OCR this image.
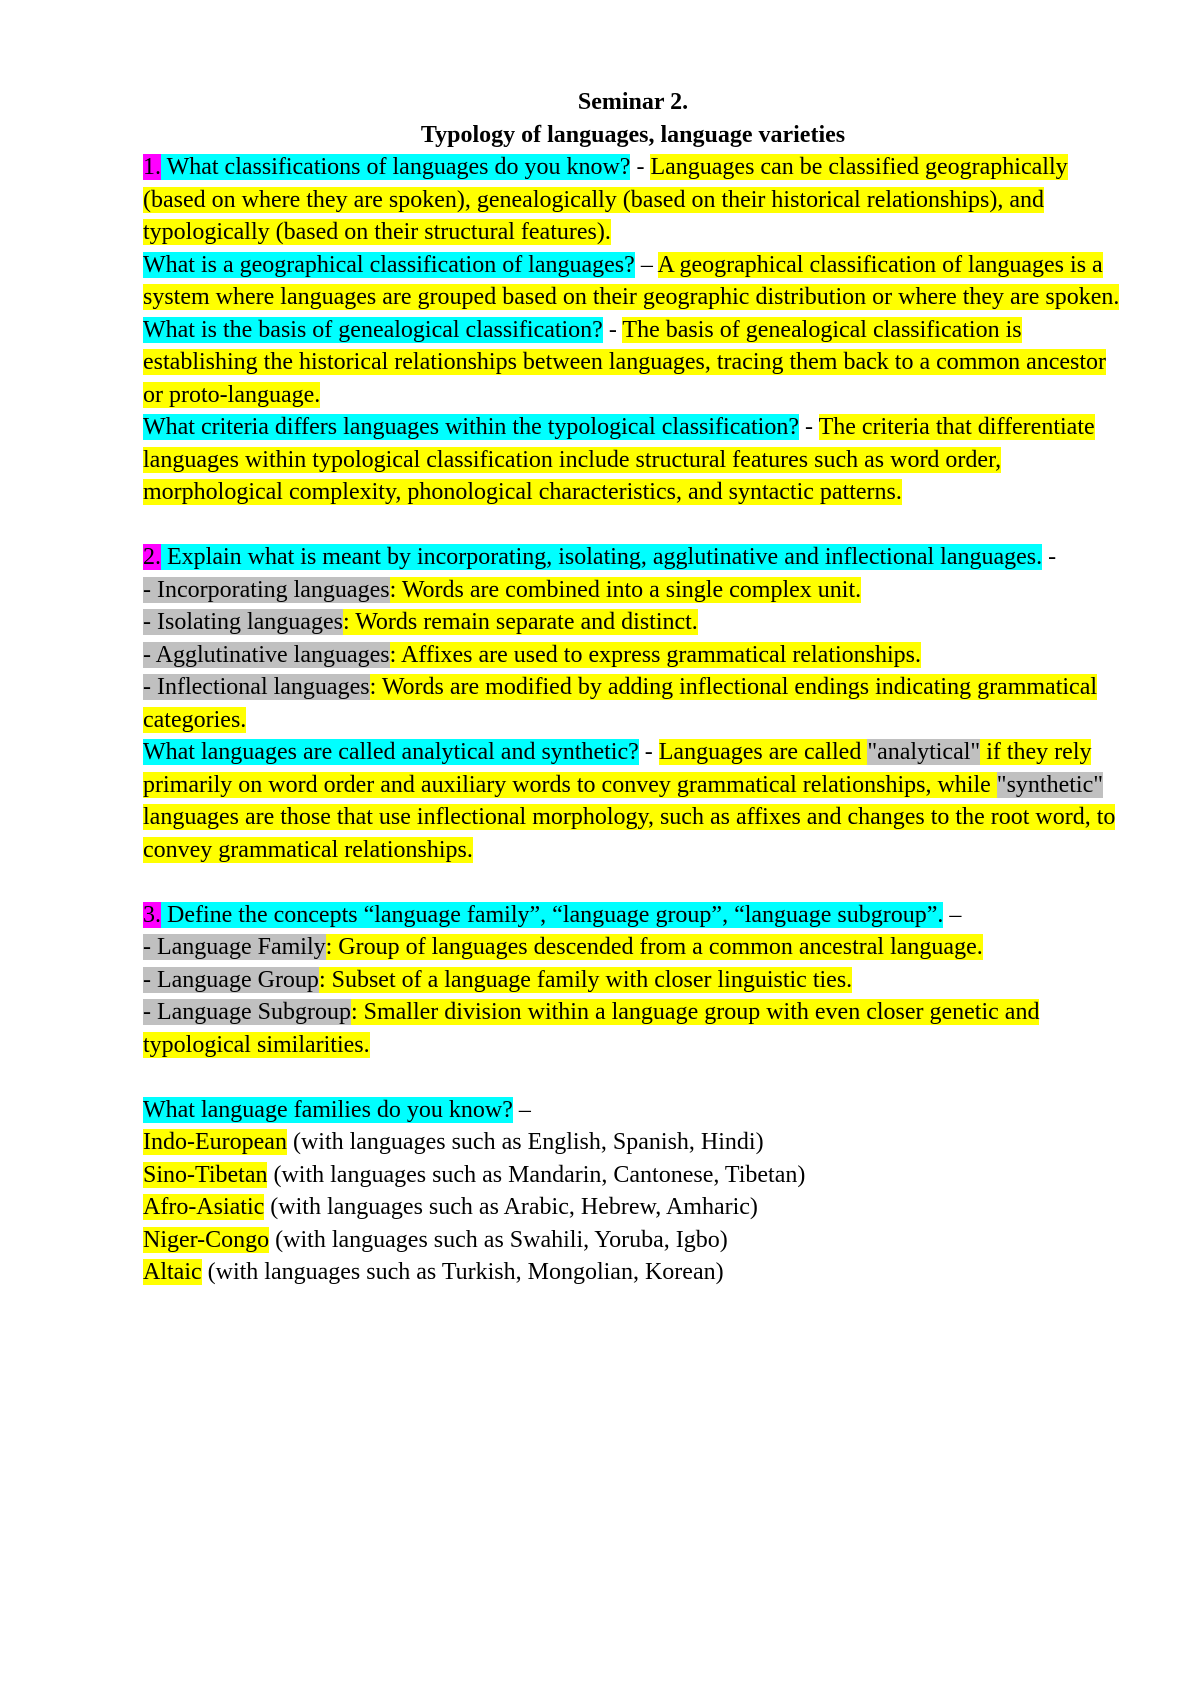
Seminar 2.
Typology of languages, language varieties

1. What classifications of languages do you know? - Languages can be classified geographically (based on where they are spoken), genealogically (based on their historical relationships), and typologically (based on their structural features).

What is a geographical classification of languages? – A geographical classification of languages is a system where languages are grouped based on their geographic distribution or where they are spoken.

What is the basis of genealogical classification? - The basis of genealogical classification is establishing the historical relationships between languages, tracing them back to a common ancestor or proto-language.

What criteria differs languages within the typological classification? - The criteria that differentiate languages within typological classification include structural features such as word order, morphological complexity, phonological characteristics, and syntactic patterns.

2. Explain what is meant by incorporating, isolating, agglutinative and inflectional languages. -

- Incorporating languages: Words are combined into a single complex unit.

- Isolating languages: Words remain separate and distinct.

- Agglutinative languages: Affixes are used to express grammatical relationships.

- Inflectional languages: Words are modified by adding inflectional endings indicating grammatical categories.

What languages are called analytical and synthetic? - Languages are called "analytical" if they rely primarily on word order and auxiliary words to convey grammatical relationships, while "synthetic" languages are those that use inflectional morphology, such as affixes and changes to the root word, to convey grammatical relationships.

3. Define the concepts “language family”, “language group”, “language subgroup”. –

- Language Family: Group of languages descended from a common ancestral language.

- Language Group: Subset of a language family with closer linguistic ties.

- Language Subgroup: Smaller division within a language group with even closer genetic and typological similarities.

What language families do you know? –

Indo-European (with languages such as English, Spanish, Hindi)

Sino-Tibetan (with languages such as Mandarin, Cantonese, Tibetan)

Afro-Asiatic (with languages such as Arabic, Hebrew, Amharic)

Niger-Congo (with languages such as Swahili, Yoruba, Igbo)

Altaic (with languages such as Turkish, Mongolian, Korean)
